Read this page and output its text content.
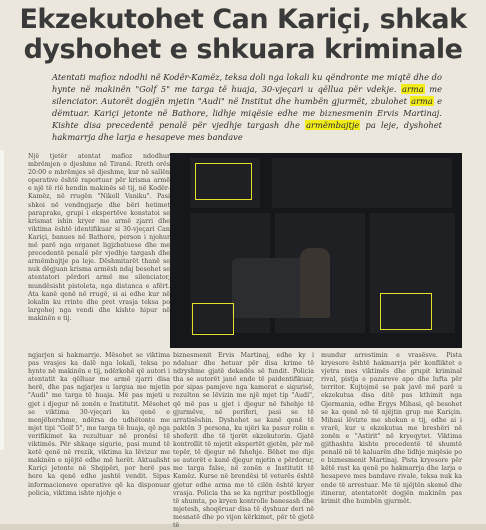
Ekzekutohet Can Kariçi, shkak dyshohet e shkuara kriminale
Atentati mafioz ndodhi në Kodër-Kamëz, teksa doli nga lokali ku qëndronte me miqtë dhe do hynte në makinën "Golf 5" me targa të huaja, 30-vjeçari u qëllua për vdekje. arma me silenciator. Autorët dogjën mjetin "Audi" në Institut dhe humbën gjurmët, zbulohet arma e dëmtuar. Kariçi jetonte në Bathore, lidhje miqësie edhe me biznesmenin Ervis Martinaj. Kishte disa precedentë penalë për vjedhje targash dhe armëmbajtje pa leje, dyshohet hakmarrja dhe larja e hesapeve mes bandave
Një tjetër atentat mafioz ndodhur mbrëmjen e djeshme në Tiranë. Rreth orës 20:00 e mbrëmjes së djeshme, kur në sallën operative është raportuar për krisma armë e një të rië hendin makinës së tij, në Kodër-Kamëz, në rrugën "Nikoll Vaniku". Pasi shkoi në vendngjarje dhe bëri hetimet paraprake, grupi i ekspertëve konstatoi se krismat ishin kryer me armë zjarri dhe viktima është identifikuar si 30-vjeçari Can Kariçi, banues në Bathore, person i njohur më parë nga organet ligjzbatuese dhe me precedentë penalë për vjedhje targash dhe armëmbajtje pa leje. Dëshmitarët thanë se nuk dëgjuan krisma armësh ndaj besohet se atentatori përdori armë me silenciator, mundësisht pistoleta, nga distanca e afërt. Ata kanë qenë në rrugë, si ai edhe kur në lokalin ku rrinte dhe pret vrasja teksa po largohej nga vendi dhe kishte hipur në makinën e tij.
ngjarjen si hakmarrje. Mësohet se viktima pas vrasjes ka dalë nga lokali, teksa po hynte në makinën e tij, ndërkohë që autori i atentatit ka qëlluar me armë zjarri disa herë, dhe pas ngjarjes u largua me mjetin "Audi" me targa të huaja. Më pas mjeti u gjet i djegur në zonën e Institutit. Mësohet se viktima 30-vjeçari ka qenë e menjëhershme, ndërsa do udhëtonte me mjet tipi "Golf 5", me targa të huaja, që nga verifikimet ka rezultuar në pronësi të viktimës. Për shkaqe sigurie, pasi mund të ketë qenë në rrezik, viktima ka lëvizur me makinën e njëjtë edhe më herët. Aktualisht Kariçi jetonte në Shqipëri, por herë pas here ka qenë edhe jashtë vendit. Sipas informacioneve operative që ka disponuar policia, viktima ishte njohje e
biznesmenit Ervis Martinaj, edhe ky i ndaluar dhe hetuar për disa krime të ndryshme gjatë dekadës së fundit. Policia tha se autorët janë ende të paidentifikuar, por sipas pamjeve nga kamerat e sigurisë, rezulton se lëvizin me një mjet tip "Audi", që më pas u gjet i djegur në fshehje të gjurmëve, në periferi, pasi se të arratisëshin. Dyshohet se kanë qenë të paktën 3 persona, ku njëri ka pasur rolin e shoferit dhe të tjerët ekzekutorin. Gjatë kontrollit të mjetit ekspertët gjetën, për më tepër, të djegur në fshehje. Bëhet me dije se autorët e kanë djegur mjetin e përdorur, me targa false, në zonën e Institutit të Kamëz. Kurse në brendësi të veturës është gjetur edhe arma me të cilën është kryer vrasja. Policia tha se ka ngritur postbllogje të shumta, po kryen kontrolle banesash dhe mjetesh, shoqëruar disa të dyshuar deri në mesnatë dhe po vijon kërkimet, për të gjetë të
mundur arrestimin e vrasësve. Pista kryesore është hakmarrja për konfliktet e vjetra mes viktimës dhe grupit kriminal rival, pistja e pazareve apo dhe lufta për territor. Kujtojmë se pak javë më parë u ekzekutua disa ditë pas kthimit nga Gjermania, edhe Ergys Mihasi, që besohet se ka qenë në të njëjtin grup me Kariçin. Mihasi lëvizte me shokun e tij, edhe ai i vrarë, kur u ekzekutua me breshëri në zonën e "Astirit" në kryeqytet. Viktima gjithashtu kishte precedentë të shumtë penalë në të kaluarën dhe lidhje miqësie po e biznesmenit Martinaj. Pista kryesore për këtë rast ka qenë po hakmarrja dhe larja e hesapeve mes bandave rivale, teksa nuk ka ende të arrestuar. Me të njëjtën skemë dhe itinerar, atentatorët dogjën makinën pas krimit dhe humbën gjurmët.
